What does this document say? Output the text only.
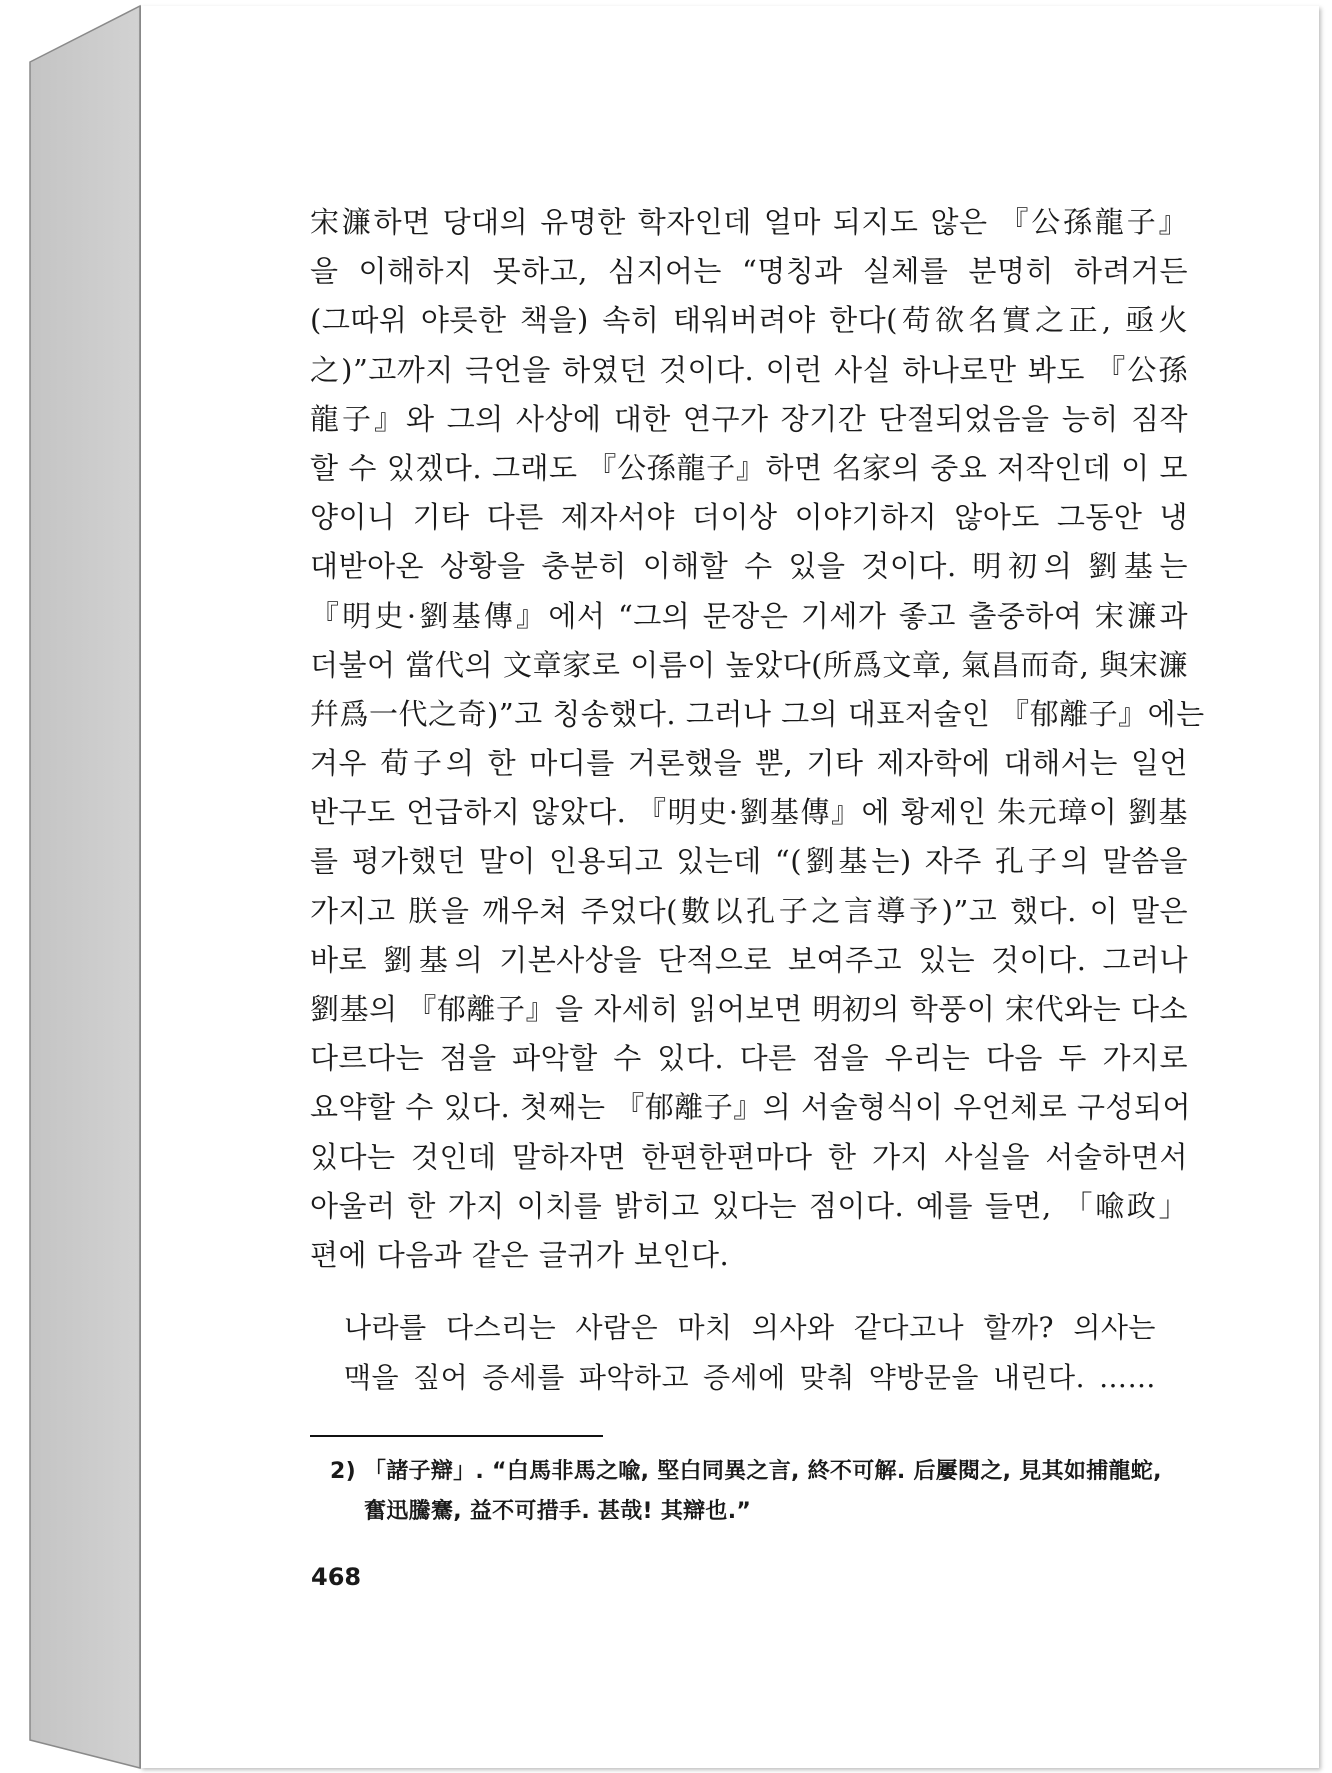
宋濂하면 당대의 유명한 학자인데 얼마 되지도 않은 『公孫龍子』
을 이해하지 못하고, 심지어는 “명칭과 실체를 분명히 하려거든
(그따위 야릇한 책을) 속히 태워버려야 한다(苟欲名實之正, 亟火
之)”고까지 극언을 하였던 것이다. 이런 사실 하나로만 봐도 『公孫
龍子』와 그의 사상에 대한 연구가 장기간 단절되었음을 능히 짐작
할 수 있겠다. 그래도 『公孫龍子』하면 名家의 중요 저작인데 이 모
양이니 기타 다른 제자서야 더이상 이야기하지 않아도 그동안 냉
대받아온 상황을 충분히 이해할 수 있을 것이다. 明初의 劉基는
『明史·劉基傳』에서 “그의 문장은 기세가 좋고 출중하여 宋濂과
더불어 當代의 文章家로 이름이 높았다(所爲文章, 氣昌而奇, 與宋濂
幷爲一代之奇)”고 칭송했다. 그러나 그의 대표저술인 『郁離子』에는
겨우 荀子의 한 마디를 거론했을 뿐, 기타 제자학에 대해서는 일언
반구도 언급하지 않았다. 『明史·劉基傳』에 황제인 朱元璋이 劉基
를 평가했던 말이 인용되고 있는데 “(劉基는) 자주 孔子의 말씀을
가지고 朕을 깨우쳐 주었다(數以孔子之言導予)”고 했다. 이 말은
바로 劉基의 기본사상을 단적으로 보여주고 있는 것이다. 그러나
劉基의 『郁離子』을 자세히 읽어보면 明初의 학풍이 宋代와는 다소
다르다는 점을 파악할 수 있다. 다른 점을 우리는 다음 두 가지로
요약할 수 있다. 첫째는 『郁離子』의 서술형식이 우언체로 구성되어
있다는 것인데 말하자면 한편한편마다 한 가지 사실을 서술하면서
아울러 한 가지 이치를 밝히고 있다는 점이다. 예를 들면, 「喩政」
편에 다음과 같은 글귀가 보인다.
나라를 다스리는 사람은 마치 의사와 같다고나 할까? 의사는
맥을 짚어 증세를 파악하고 증세에 맞춰 약방문을 내린다. ……
2) 「諸子辯」. “白馬非馬之喩, 堅白同異之言, 終不可解. 后屢閱之, 見其如捕龍蛇,
奮迅騰騫, 益不可措手. 甚哉! 其辯也.”
468
